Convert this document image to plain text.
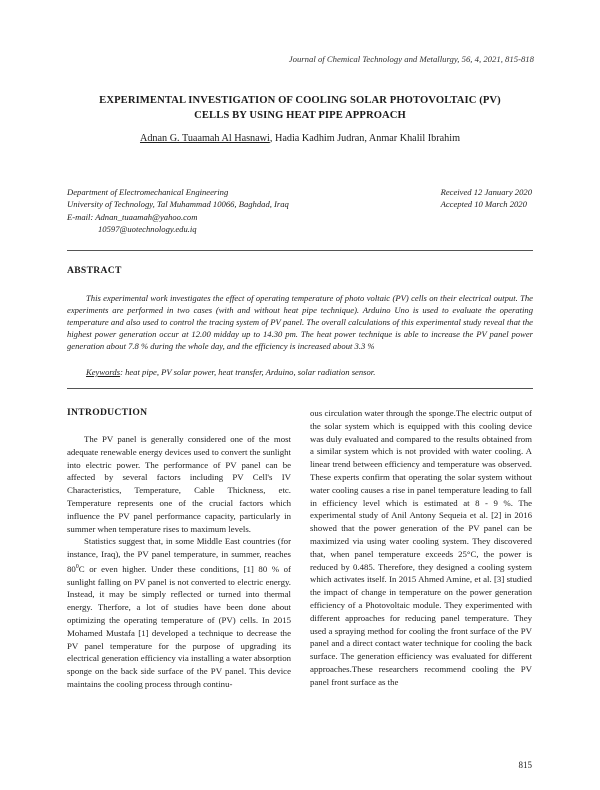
Journal of Chemical Technology and Metallurgy, 56, 4, 2021, 815-818
EXPERIMENTAL INVESTIGATION OF COOLING SOLAR PHOTOVOLTAIC (PV)
CELLS BY USING HEAT PIPE APPROACH
Adnan G. Tuaamah Al Hasnawi, Hadia Kadhim Judran, Anmar Khalil Ibrahim
Department of Electromechanical Engineering
University of Technology, Tal Muhammad 10066, Baghdad, Iraq
E-mail: Adnan_tuaamah@yahoo.com
10597@uotechnology.edu.iq
Received 12 January 2020
Accepted 10 March 2020
ABSTRACT
This experimental work investigates the effect of operating temperature of photo voltaic (PV) cells on their electrical output. The experiments are performed in two cases (with and without heat pipe technique). Arduino Uno is used to evaluate the operating temperature and also used to control the tracing system of PV panel. The overall calculations of this experimental study reveal that the highest power generation occur at 12.00 midday up to 14.30 pm. The heat power technique is able to increase the PV panel power generation about 7.8 % during the whole day, and the efficiency is increased about 3.3 %
Keywords: heat pipe, PV solar power, heat transfer, Arduino, solar radiation sensor.
INTRODUCTION

The PV panel is generally considered one of the most adequate renewable energy devices used to convert the sunlight into electric power. The performance of PV panel can be affected by several factors including PV Cell's IV Characteristics, Temperature, Cable Thickness, etc. Temperature represents one of the crucial factors which influence the PV panel performance capacity, particularly in summer when temperature rises to maximum levels.

Statistics suggest that, in some Middle East countries (for instance, Iraq), the PV panel temperature, in summer, reaches $80^0C$ or even higher. Under these conditions, [1] 80 % of sunlight falling on PV panel is not converted to electric energy. Instead, it may be simply reflected or turned into thermal energy. Therfore, a lot of studies have been done about optimizing the operating temperature of (PV) cells. In 2015 Mohamed Mustafa [1] developed a technique to decrease the PV panel temperature for the purpose of upgrading its electrical generation efficiency via installing a water absorption sponge on the back side surface of the PV panel. This device maintains the cooling process through continu-

ous circulation water through the sponge.The electric output of the solar system which is equipped with this cooling device was duly evaluated and compared to the results obtained from a similar system which is not provided with water cooling. A linear trend between efficiency and temperature was observed. These experts confirm that operating the solar system without water cooling causes a rise in panel temperature leading to fall in efficiency level which is estimated at 8 - 9 %. The experimental study of Anil Antony Sequeia et al. [2] in 2016 showed that the power generation of the PV panel can be maximized via using water cooling system. They discovered that, when panel temperature exceeds 25°C, the power is reduced by 0.485. Therefore, they designed a cooling system which activates itself. In 2015 Ahmed Amine, et al. [3] studied the impact of change in temperature on the power generation efficiency of a Photovoltaic module. They experimented with different approaches for reducing panel temperature. They used a spraying method for cooling the front surface of the PV panel and a direct contact water technique for cooling the back surface. The generation efficiency was evaluated for different approaches.These researchers recommend cooling the PV panel front surface as the

815
